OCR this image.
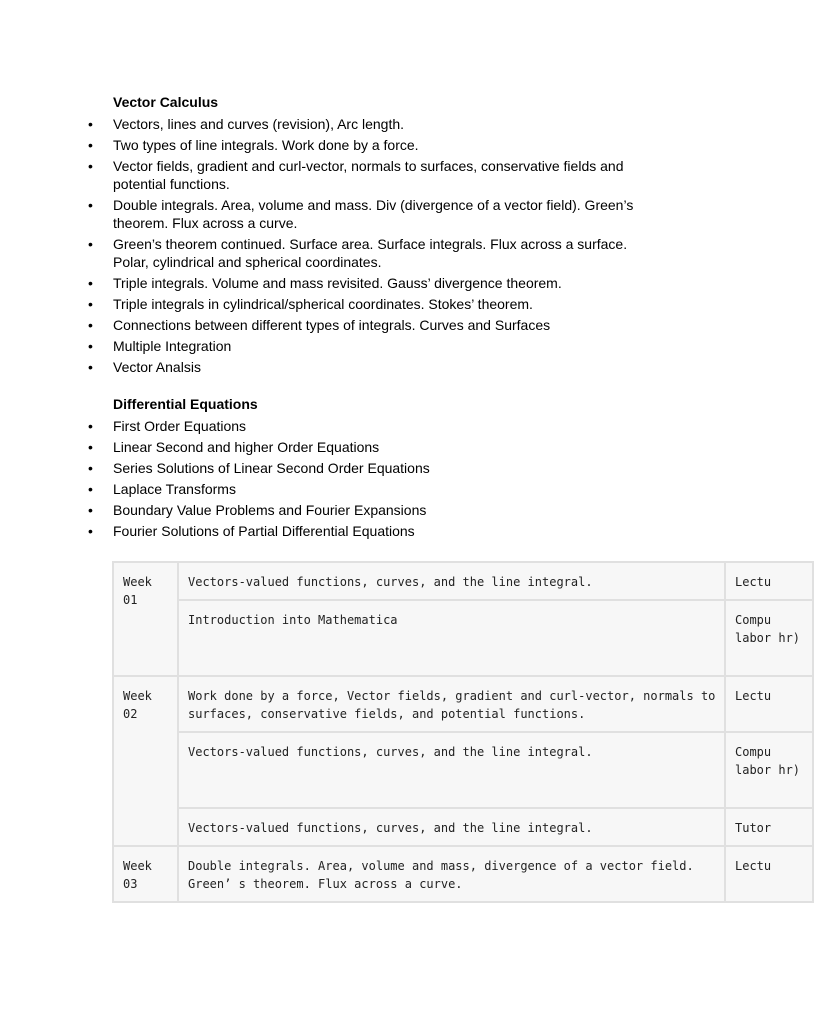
Vector Calculus
• Vectors, lines and curves (revision), Arc length.
• Two types of line integrals. Work done by a force.
• Vector fields, gradient and curl-vector, normals to surfaces, conservative fields and potential functions.
• Double integrals. Area, volume and mass. Div (divergence of a vector field). Green’s theorem. Flux across a curve.
• Green’s theorem continued. Surface area. Surface integrals. Flux across a surface. Polar, cylindrical and spherical coordinates.
• Triple integrals. Volume and mass revisited. Gauss’ divergence theorem.
• Triple integrals in cylindrical/spherical coordinates. Stokes’ theorem.
• Connections between different types of integrals. Curves and Surfaces
• Multiple Integration
• Vector Analsis
Differential Equations
• First Order Equations
• Linear Second and higher Order Equations
• Series Solutions of Linear Second Order Equations
• Laplace Transforms
• Boundary Value Problems and Fourier Expansions
• Fourier Solutions of Partial Differential Equations
Week 01	Vectors-valued functions, curves, and the line integral.	Lectu
	Introduction into Mathematica	Compu labor hr)
Week 02	Work done by a force, Vector fields, gradient and curl-vector, normals to surfaces, conservative fields, and potential functions.	Lectu
	Vectors-valued functions, curves, and the line integral.	Compu labor hr)
	Vectors-valued functions, curves, and the line integral.	Tutor
Week 03	Double integrals. Area, volume and mass, divergence of a vector field. Green’ s theorem. Flux across a curve.	Lectu
